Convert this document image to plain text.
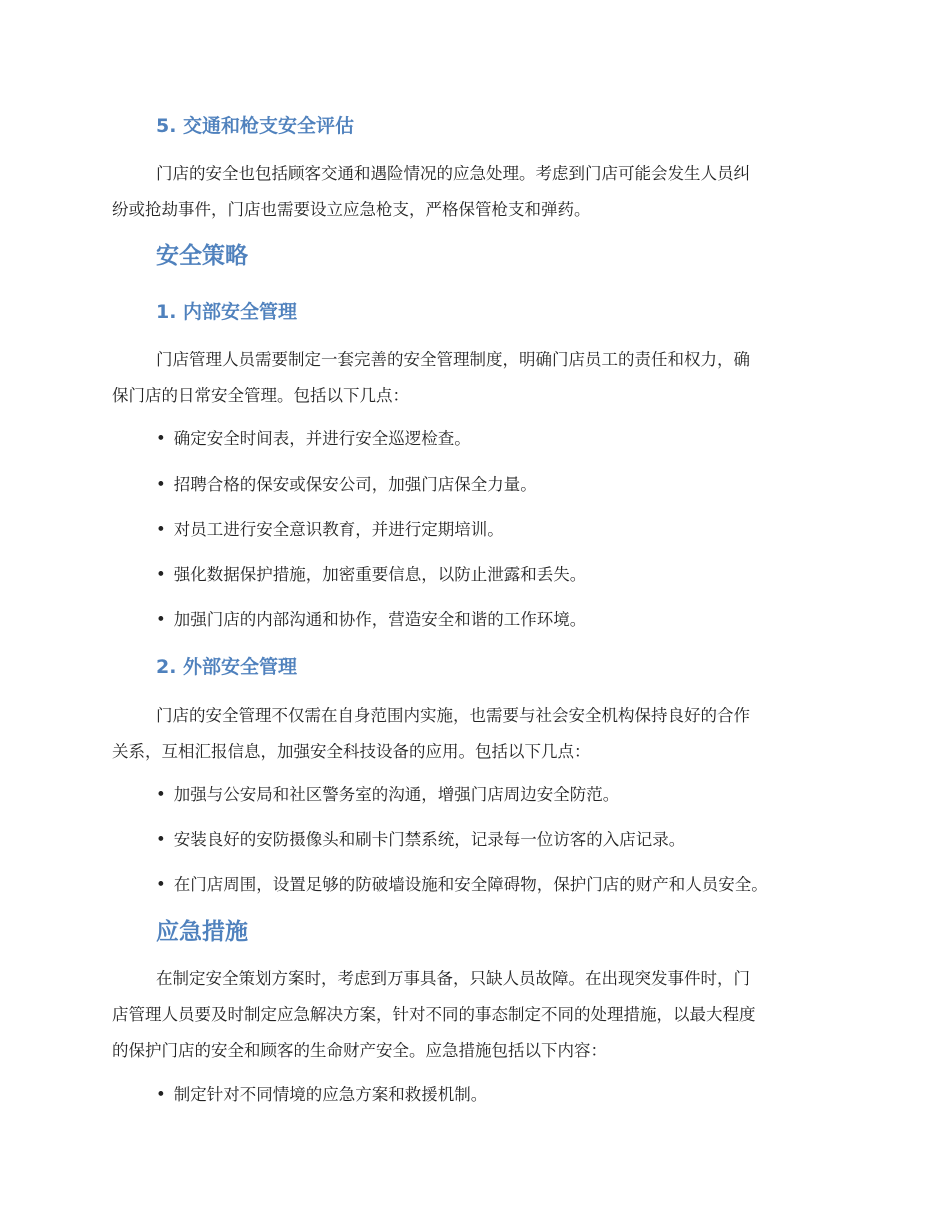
5. 交通和枪支安全评估
门店的安全也包括顾客交通和遇险情况的应急处理。考虑到门店可能会发生人员纠
纷或抢劫事件，门店也需要设立应急枪支，严格保管枪支和弹药。
安全策略
1. 内部安全管理
门店管理人员需要制定一套完善的安全管理制度，明确门店员工的责任和权力，确
保门店的日常安全管理。包括以下几点：
• 确定安全时间表，并进行安全巡逻检查。
• 招聘合格的保安或保安公司，加强门店保全力量。
• 对员工进行安全意识教育，并进行定期培训。
• 强化数据保护措施，加密重要信息，以防止泄露和丢失。
• 加强门店的内部沟通和协作，营造安全和谐的工作环境。
2. 外部安全管理
门店的安全管理不仅需在自身范围内实施，也需要与社会安全机构保持良好的合作
关系，互相汇报信息，加强安全科技设备的应用。包括以下几点：
• 加强与公安局和社区警务室的沟通，增强门店周边安全防范。
• 安装良好的安防摄像头和刷卡门禁系统，记录每一位访客的入店记录。
• 在门店周围，设置足够的防破墙设施和安全障碍物，保护门店的财产和人员安全。
应急措施
在制定安全策划方案时，考虑到万事具备，只缺人员故障。在出现突发事件时，门
店管理人员要及时制定应急解决方案，针对不同的事态制定不同的处理措施，以最大程度
的保护门店的安全和顾客的生命财产安全。应急措施包括以下内容：
• 制定针对不同情境的应急方案和救援机制。
